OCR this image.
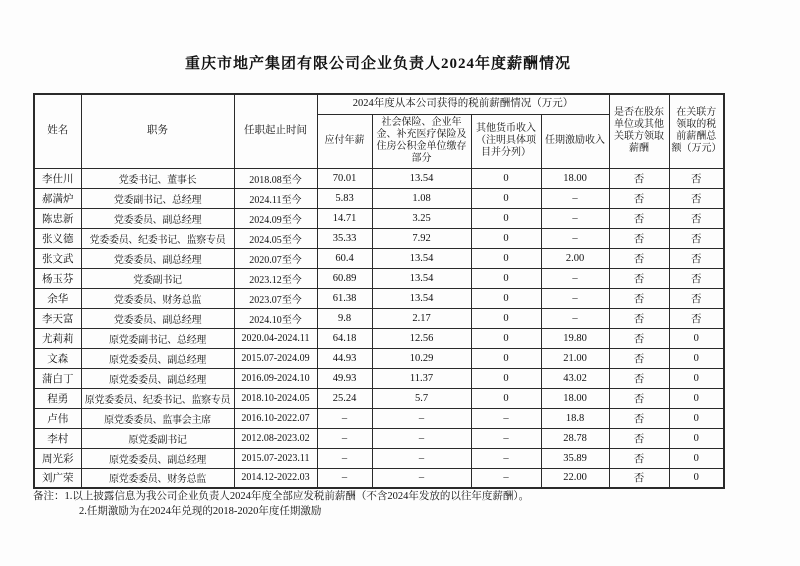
重庆市地产集团有限公司企业负责人2024年度薪酬情况
姓名	职务	任职起止时间	2024年度从本公司获得的税前薪酬情况（万元）				是否在股东单位或其他关联方领取薪酬	在关联方领取的税前薪酬总额（万元）
			应付年薪	社会保险、企业年金、补充医疗保险及住房公积金单位缴存部分	其他货币收入（注明具体项目并分列）	任期激励收入		
李仕川	党委书记、董事长	2018.08至今	70.01	13.54	0	18.00	否	否
郝满炉	党委副书记、总经理	2024.11至今	5.83	1.08	0	–	否	否
陈忠新	党委委员、副总经理	2024.09至今	14.71	3.25	0	–	否	否
张义德	党委委员、纪委书记、监察专员	2024.05至今	35.33	7.92	0	–	否	否
张文武	党委委员、副总经理	2020.07至今	60.4	13.54	0	2.00	否	否
杨玉芬	党委副书记	2023.12至今	60.89	13.54	0	–	否	否
余华	党委委员、财务总监	2023.07至今	61.38	13.54	0	–	否	否
李天富	党委委员、副总经理	2024.10至今	9.8	2.17	0	–	否	否
尤莉莉	原党委副书记、总经理	2020.04-2024.11	64.18	12.56	0	19.80	否	0
文森	原党委委员、副总经理	2015.07-2024.09	44.93	10.29	0	21.00	否	0
蒲白丁	原党委委员、副总经理	2016.09-2024.10	49.93	11.37	0	43.02	否	0
程勇	原党委委员、纪委书记、监察专员	2018.10-2024.05	25.24	5.7	0	18.00	否	0
卢伟	原党委委员、监事会主席	2016.10-2022.07	–	–	–	18.8	否	0
李村	原党委副书记	2012.08-2023.02	–	–	–	28.78	否	0
周光彩	原党委委员、副总经理	2015.07-2023.11	–	–	–	35.89	否	0
刘广荣	原党委委员、财务总监	2014.12-2022.03	–	–	–	22.00	否	0
备注：1.以上披露信息为我公司企业负责人2024年度全部应发税前薪酬（不含2024年发放的以往年度薪酬）。
2.任期激励为在2024年兑现的2018-2020年度任期激励
